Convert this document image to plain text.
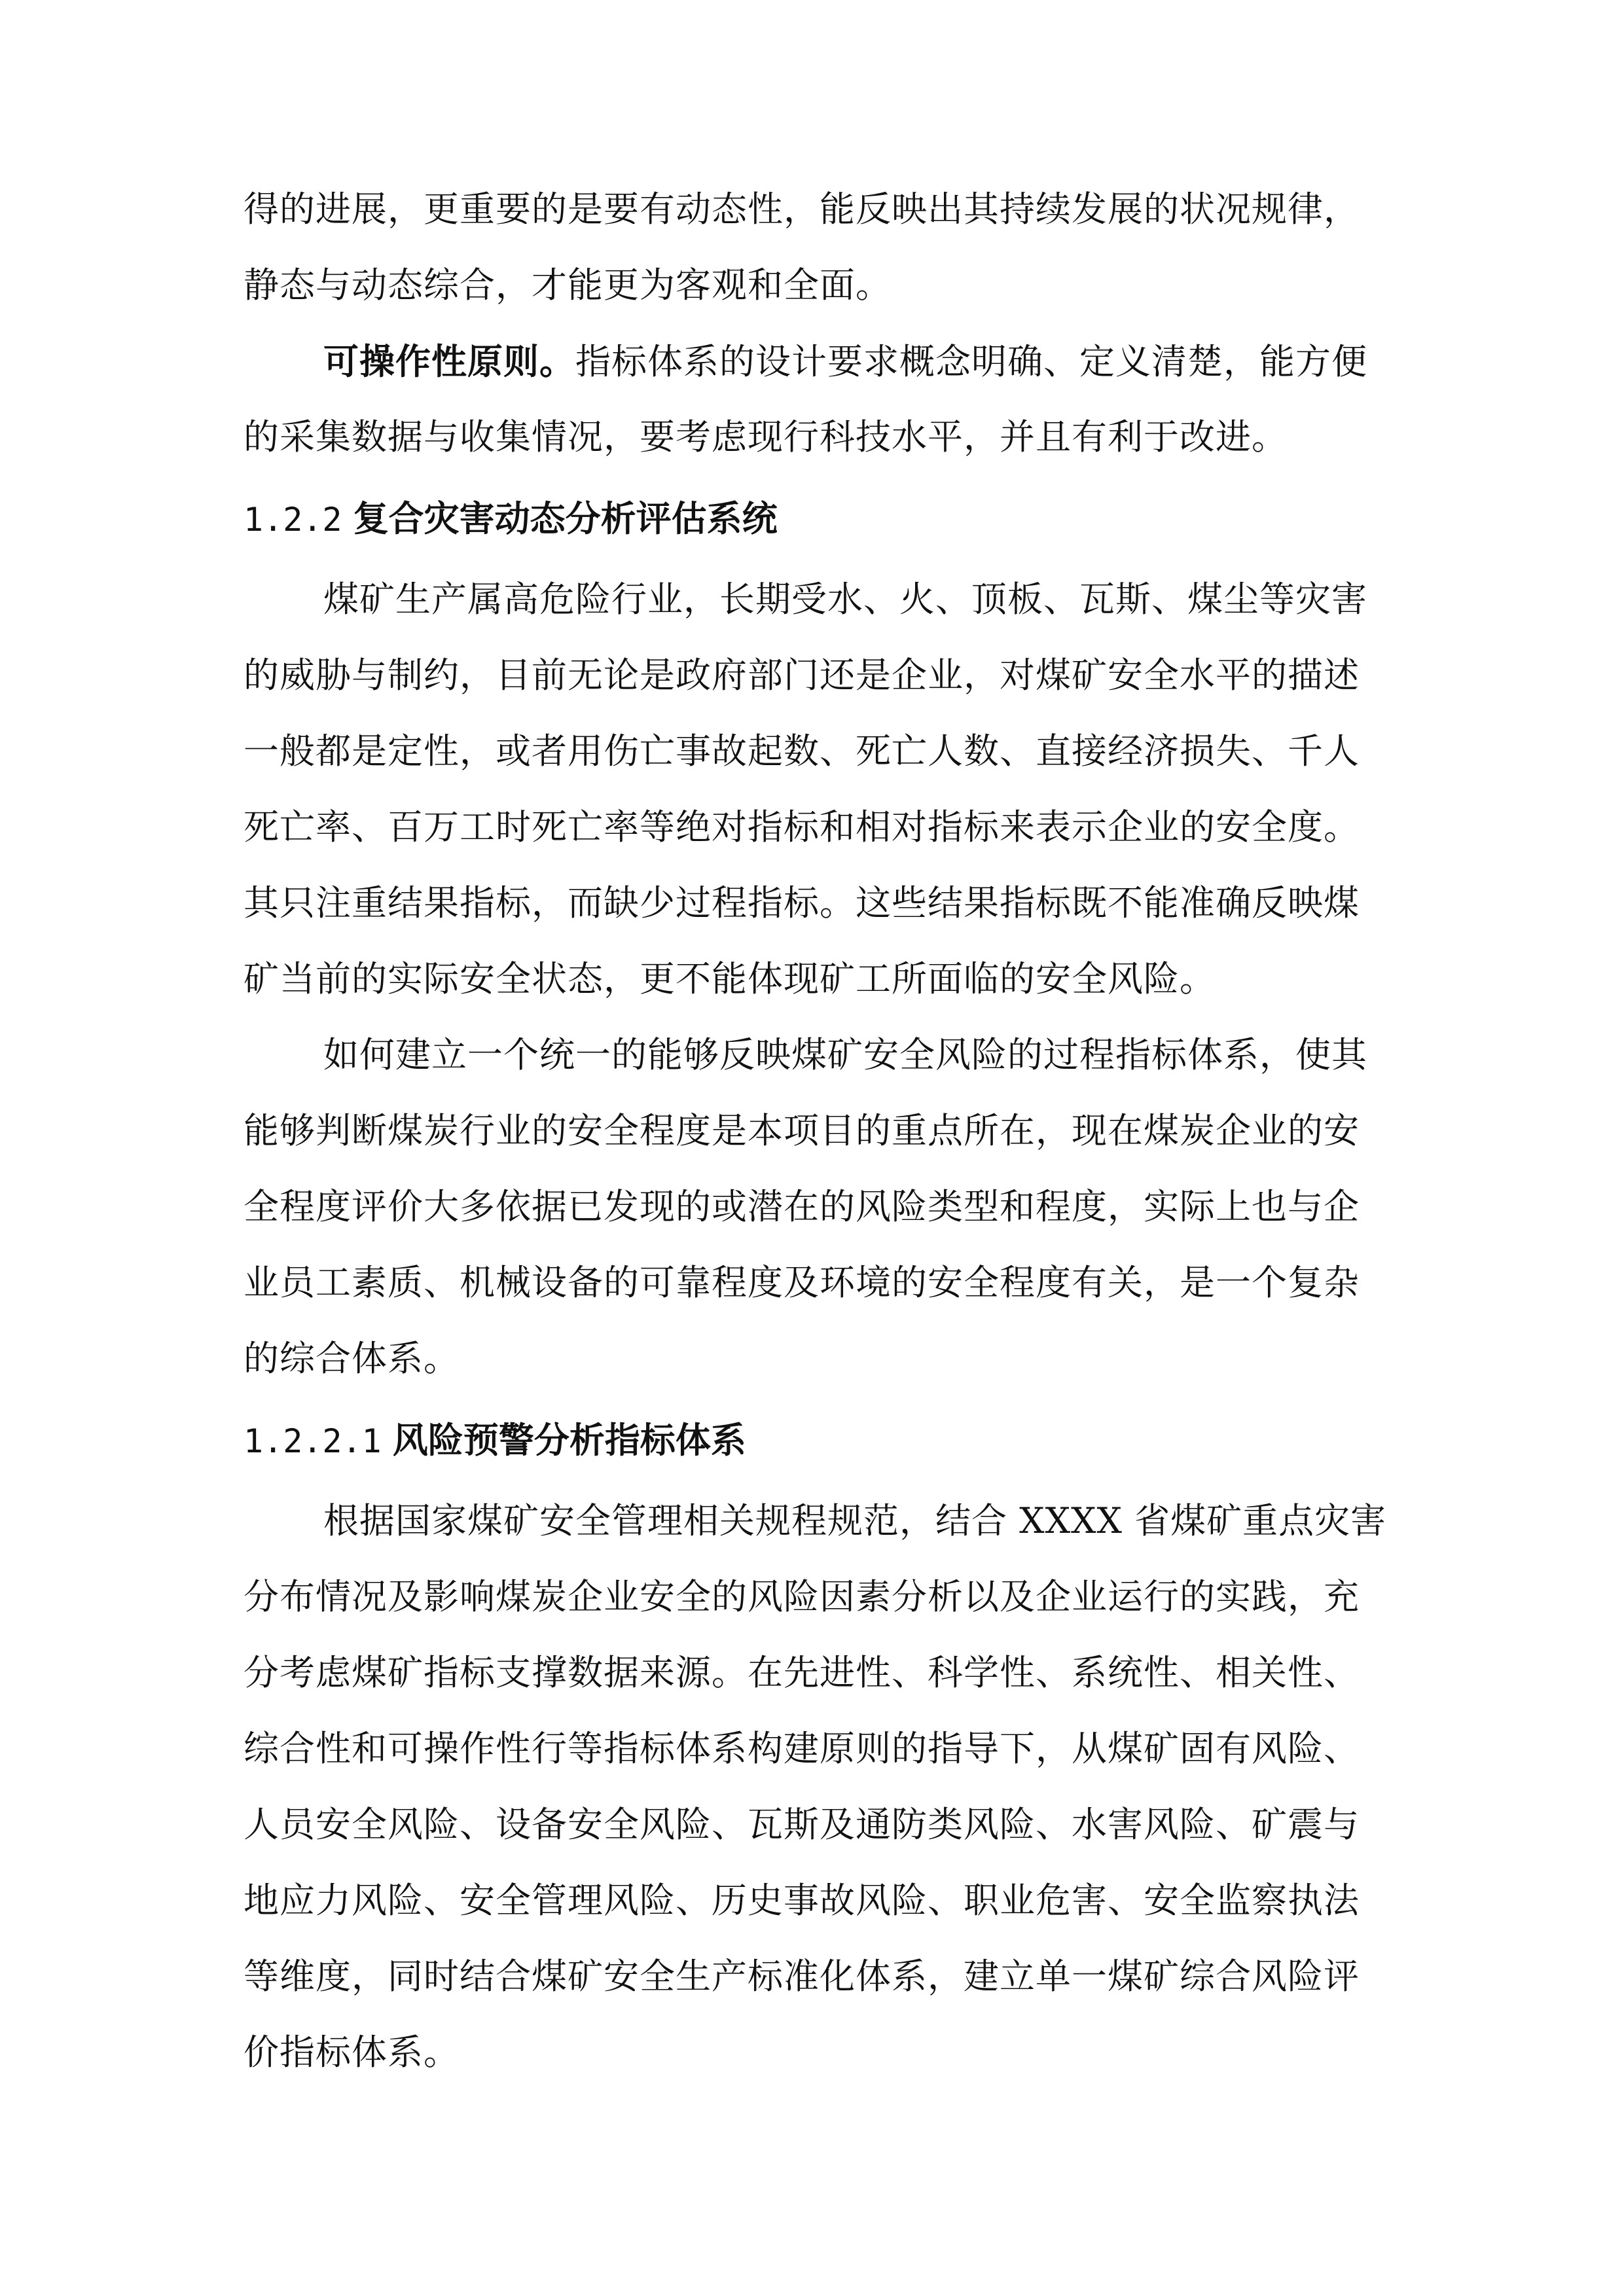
得的进展，更重要的是要有动态性，能反映出其持续发展的状况规律，
静态与动态综合，才能更为客观和全面。
可操作性原则。指标体系的设计要求概念明确、定义清楚，能方便
的采集数据与收集情况，要考虑现行科技水平，并且有利于改进。
1.2.2 复合灾害动态分析评估系统
煤矿生产属高危险行业，长期受水、火、顶板、瓦斯、煤尘等灾害
的威胁与制约，目前无论是政府部门还是企业，对煤矿安全水平的描述
一般都是定性，或者用伤亡事故起数、死亡人数、直接经济损失、千人
死亡率、百万工时死亡率等绝对指标和相对指标来表示企业的安全度。
其只注重结果指标，而缺少过程指标。这些结果指标既不能准确反映煤
矿当前的实际安全状态，更不能体现矿工所面临的安全风险。
如何建立一个统一的能够反映煤矿安全风险的过程指标体系，使其
能够判断煤炭行业的安全程度是本项目的重点所在，现在煤炭企业的安
全程度评价大多依据已发现的或潜在的风险类型和程度，实际上也与企
业员工素质、机械设备的可靠程度及环境的安全程度有关，是一个复杂
的综合体系。
1.2.2.1 风险预警分析指标体系
根据国家煤矿安全管理相关规程规范，结合 XXXX 省煤矿重点灾害
分布情况及影响煤炭企业安全的风险因素分析以及企业运行的实践，充
分考虑煤矿指标支撑数据来源。在先进性、科学性、系统性、相关性、
综合性和可操作性行等指标体系构建原则的指导下，从煤矿固有风险、
人员安全风险、设备安全风险、瓦斯及通防类风险、水害风险、矿震与
地应力风险、安全管理风险、历史事故风险、职业危害、安全监察执法
等维度，同时结合煤矿安全生产标准化体系，建立单一煤矿综合风险评
价指标体系。
